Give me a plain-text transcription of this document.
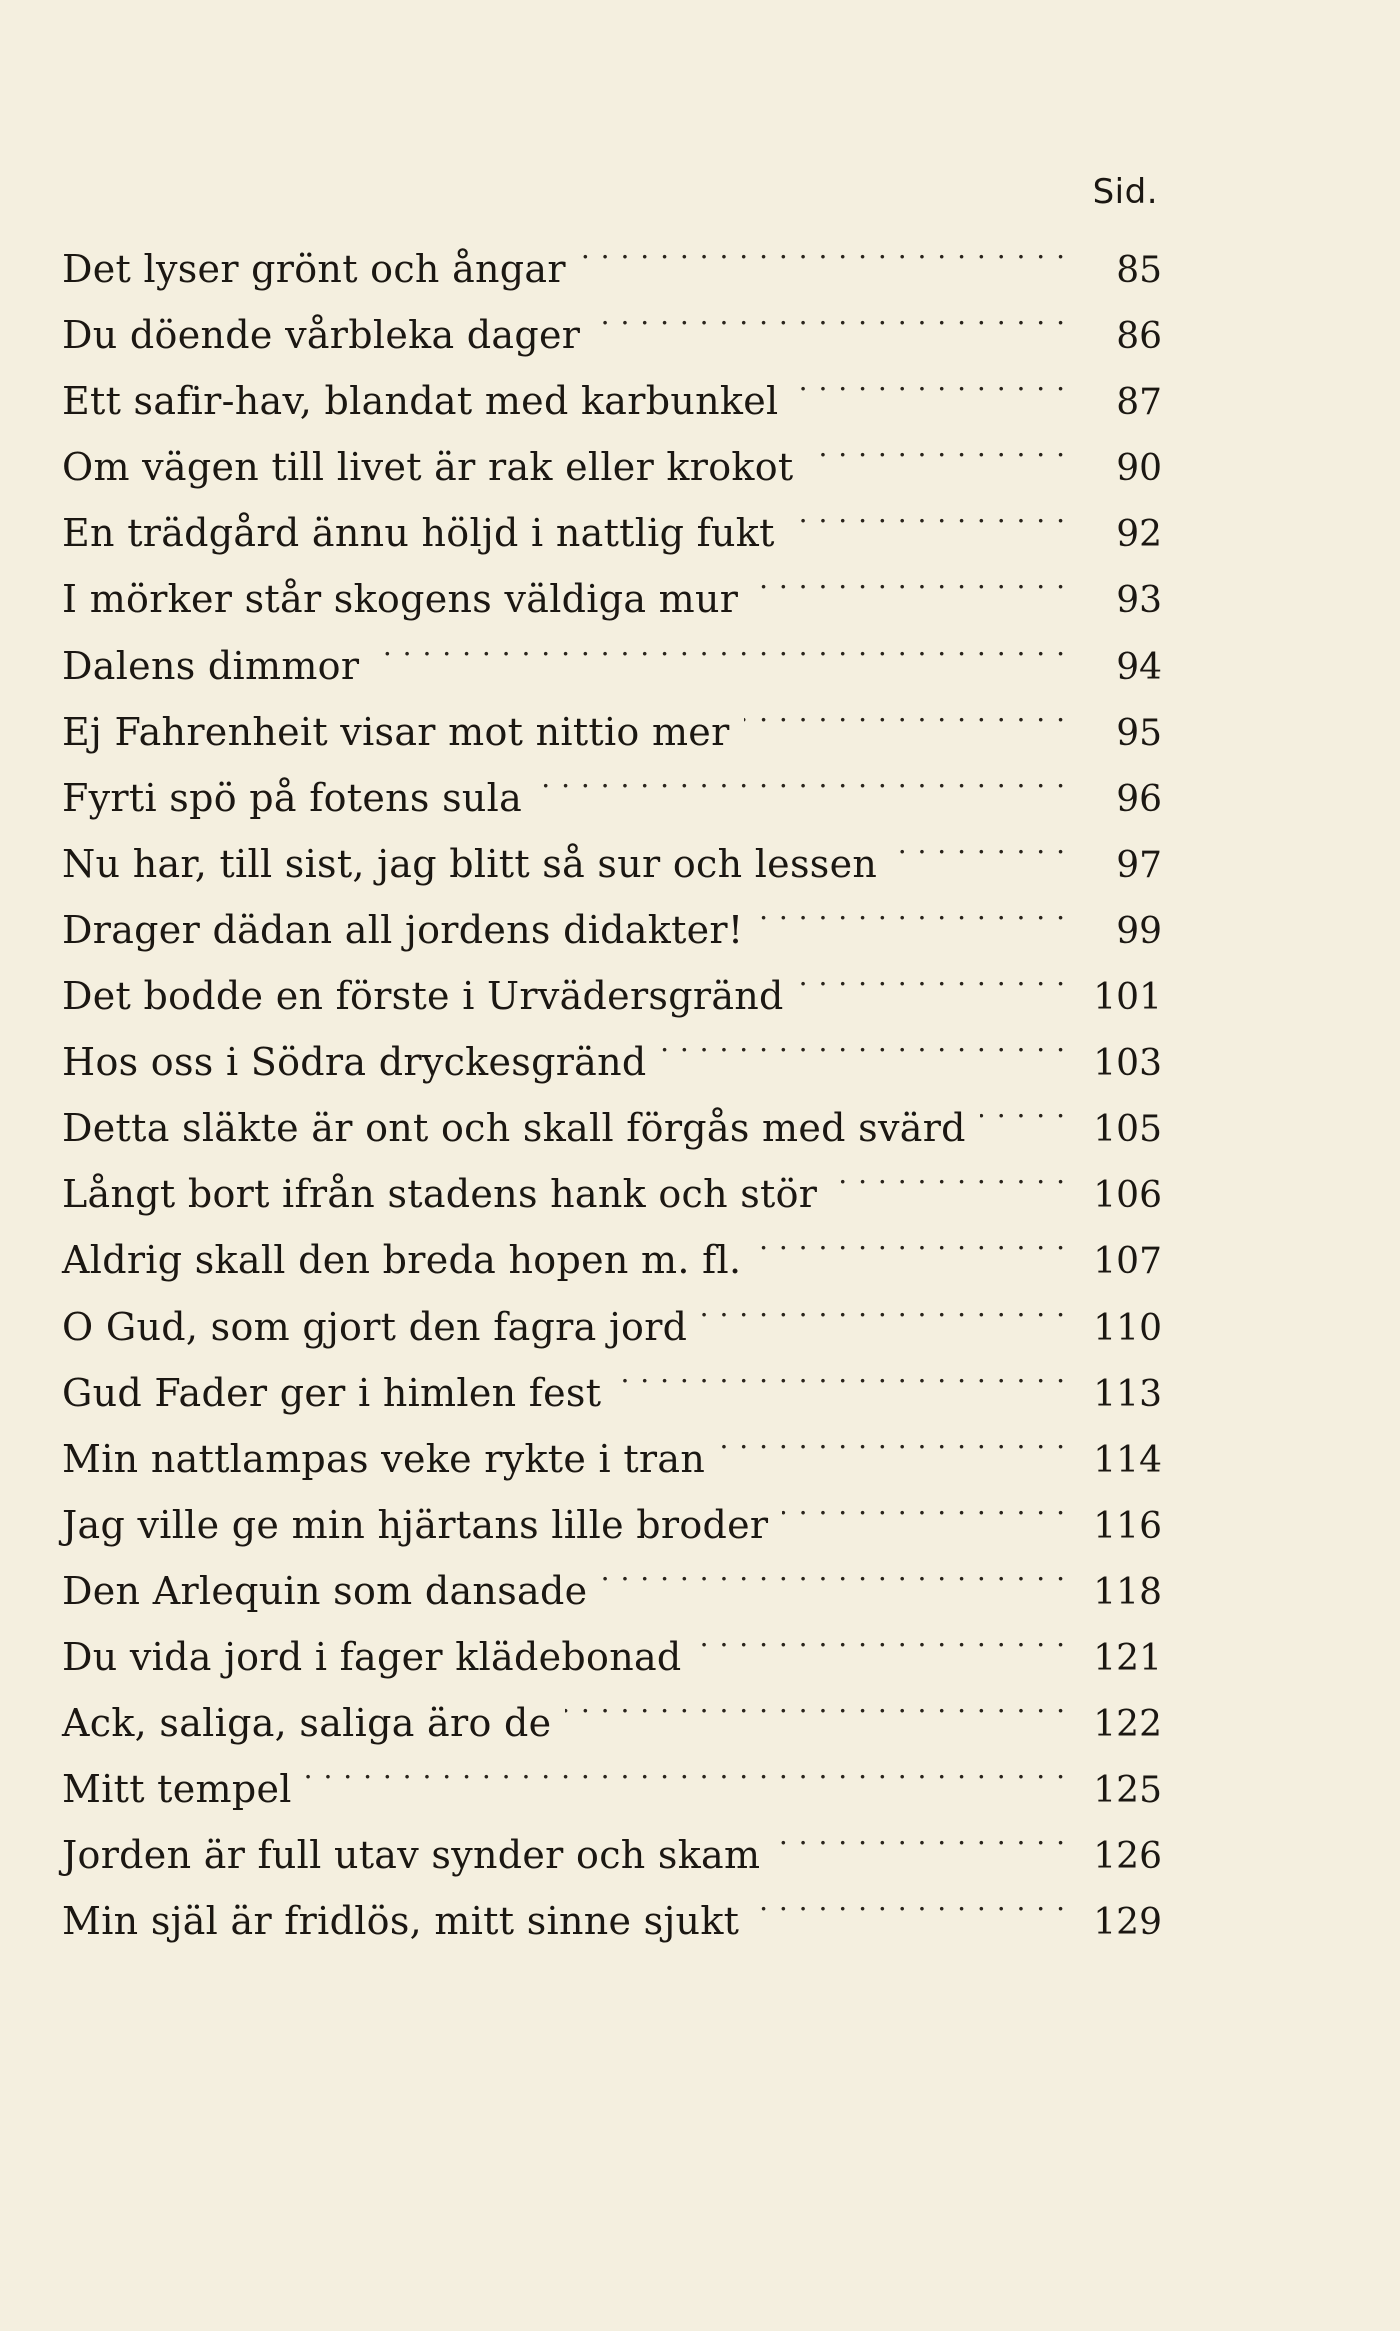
Sid.
Det lyser grönt och ångar . . .	85
Du döende vårbleka dager . . .	86
Ett safir-hav, blandat med karbunkel . . .	87
Om vägen till livet är rak eller krokot . . .	90
En trädgård ännu höljd i nattlig fukt . . .	92
I mörker står skogens väldiga mur . . .	93
Dalens dimmor . . .	94
Ej Fahrenheit visar mot nittio mer . . .	95
Fyrti spö på fotens sula . . .	96
Nu har, till sist, jag blitt så sur och lessen . . .	97
Drager dädan all jordens didakter! . . .	99
Det bodde en förste i Urvädersgränd . . .	101
Hos oss i Södra dryckesgränd . . .	103
Detta släkte är ont och skall förgås med svärd . . .	105
Långt bort ifrån stadens hank och stör . . .	106
Aldrig skall den breda hopen m. fl. . . .	107
O Gud, som gjort den fagra jord . . .	110
Gud Fader ger i himlen fest . . .	113
Min nattlampas veke rykte i tran . . .	114
Jag ville ge min hjärtans lille broder . . .	116
Den Arlequin som dansade . . .	118
Du vida jord i fager klädebonad . . .	121
Ack, saliga, saliga äro de . . .	122
Mitt tempel . . .	125
Jorden är full utav synder och skam . . .	126
Min själ är fridlös, mitt sinne sjukt . . .	129
